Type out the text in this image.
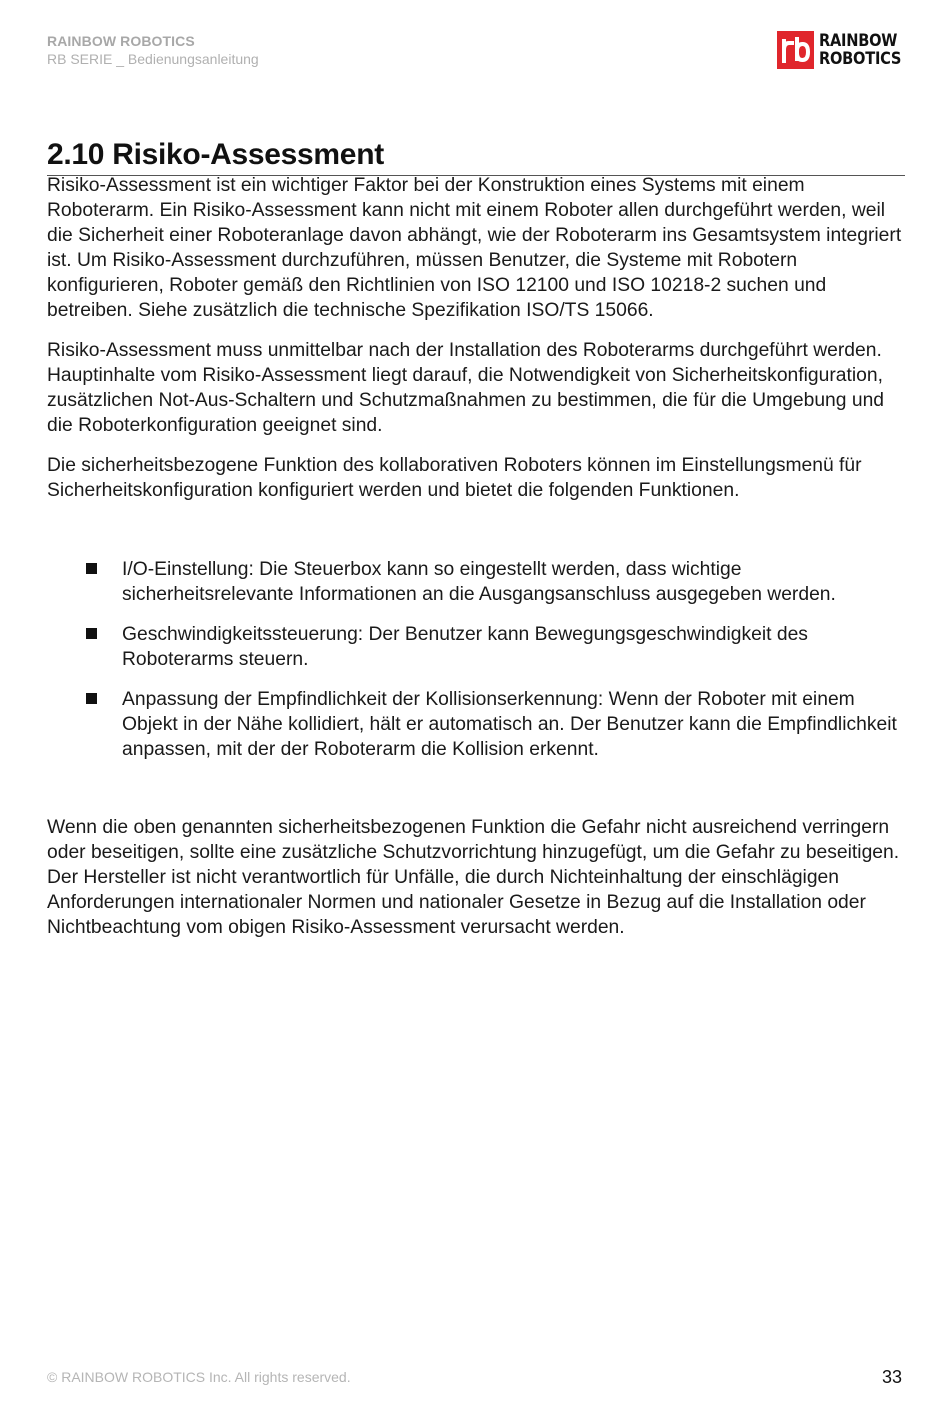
RAINBOW ROBOTICS
RB SERIE _ Bedienungsanleitung
RAINBOW
ROBOTICS
2.10 Risiko-Assessment

Risiko-Assessment ist ein wichtiger Faktor bei der Konstruktion eines Systems mit einem Roboterarm. Ein Risiko-Assessment kann nicht mit einem Roboter allen durchgeführt werden, weil die Sicherheit einer Roboteranlage davon abhängt, wie der Roboterarm ins Gesamtsystem integriert ist. Um Risiko-Assessment durchzuführen, müssen Benutzer, die Systeme mit Robotern konfigurieren, Roboter gemäß den Richtlinien von ISO 12100 und ISO 10218-2 suchen und betreiben. Siehe zusätzlich die technische Spezifikation ISO/TS 15066.

Risiko-Assessment muss unmittelbar nach der Installation des Roboterarms durchgeführt werden. Hauptinhalte vom Risiko-Assessment liegt darauf, die Notwendigkeit von Sicherheitskonfiguration, zusätzlichen Not-Aus-Schaltern und Schutzmaßnahmen zu bestimmen, die für die Umgebung und die Roboterkonfiguration geeignet sind.

Die sicherheitsbezogene Funktion des kollaborativen Roboters können im Einstellungsmenü für Sicherheitskonfiguration konfiguriert werden und bietet die folgenden Funktionen.

I/O-Einstellung: Die Steuerbox kann so eingestellt werden, dass wichtige sicherheitsrelevante Informationen an die Ausgangsanschluss ausgegeben werden.
Geschwindigkeitssteuerung: Der Benutzer kann Bewegungsgeschwindigkeit des Roboterarms steuern.
Anpassung der Empfindlichkeit der Kollisionserkennung: Wenn der Roboter mit einem Objekt in der Nähe kollidiert, hält er automatisch an. Der Benutzer kann die Empfindlichkeit anpassen, mit der der Roboterarm die Kollision erkennt.

Wenn die oben genannten sicherheitsbezogenen Funktion die Gefahr nicht ausreichend verringern oder beseitigen, sollte eine zusätzliche Schutzvorrichtung hinzugefügt, um die Gefahr zu beseitigen. Der Hersteller ist nicht verantwortlich für Unfälle, die durch Nichteinhaltung der einschlägigen Anforderungen internationaler Normen und nationaler Gesetze in Bezug auf die Installation oder Nichtbeachtung vom obigen Risiko-Assessment verursacht werden.

© RAINBOW ROBOTICS Inc. All rights reserved.	33
